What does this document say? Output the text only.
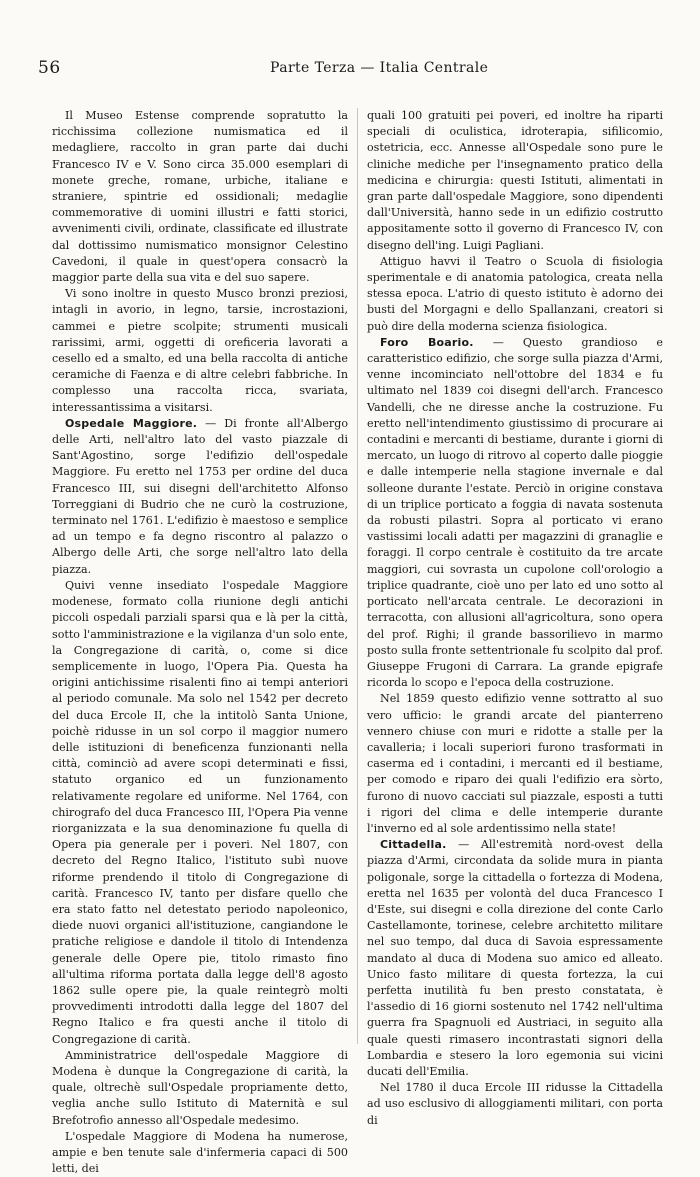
56	Parte Terza — Italia Centrale

Il Museo Estense comprende sopratutto la ricchissima collezione numismatica ed il medagliere, raccolto in gran parte dai duchi Francesco IV e V. Sono circa 35.000 esemplari di monete greche, romane, urbiche, italiane e straniere, spintrie ed ossidionali; medaglie commemorative di uomini illustri e fatti storici, avvenimenti civili, ordinate, classificate ed illustrate dal dottissimo numismatico monsignor Celestino Cavedoni, il quale in quest'opera consacrò la maggior parte della sua vita e del suo sapere.

Vi sono inoltre in questo Musco bronzi preziosi, intagli in avorio, in legno, tarsie, incrostazioni, cammei e pietre scolpite; strumenti musicali rarissimi, armi, oggetti di oreficeria lavorati a cesello ed a smalto, ed una bella raccolta di antiche ceramiche di Faenza e di altre celebri fabbriche. In complesso una raccolta ricca, svariata, interessantissima a visitarsi.

Ospedale Maggiore. — Di fronte all'Albergo delle Arti, nell'altro lato del vasto piazzale di Sant'Agostino, sorge l'edifizio dell'ospedale Maggiore. Fu eretto nel 1753 per ordine del duca Francesco III, sui disegni dell'architetto Alfonso Torreggiani di Budrio che ne curò la costruzione, terminato nel 1761. L'edifizio è maestoso e semplice ad un tempo e fa degno riscontro al palazzo o Albergo delle Arti, che sorge nell'altro lato della piazza.

Quivi venne insediato l'ospedale Maggiore modenese, formato colla riunione degli antichi piccoli ospedali parziali sparsi qua e là per la città, sotto l'amministrazione e la vigilanza d'un solo ente, la Congregazione di carità, o, come si dice semplicemente in luogo, l'Opera Pia. Questa ha origini antichissime risalenti fino ai tempi anteriori al periodo comunale. Ma solo nel 1542 per decreto del duca Ercole II, che la intitolò Santa Unione, poichè ridusse in un sol corpo il maggior numero delle istituzioni di beneficenza funzionanti nella città, cominciò ad avere scopi determinati e fissi, statuto organico ed un funzionamento relativamente regolare ed uniforme. Nel 1764, con chirografo del duca Francesco III, l'Opera Pia venne riorganizzata e la sua denominazione fu quella di Opera pia generale per i poveri. Nel 1807, con decreto del Regno Italico, l'istituto subì nuove riforme prendendo il titolo di Congregazione di carità. Francesco IV, tanto per disfare quello che era stato fatto nel detestato periodo napoleonico, diede nuovi organici all'istituzione, cangiandone le pratiche religiose e dandole il titolo di Intendenza generale delle Opere pie, titolo rimasto fino all'ultima riforma portata dalla legge dell'8 agosto 1862 sulle opere pie, la quale reintegrò molti provvedimenti introdotti dalla legge del 1807 del Regno Italico e fra questi anche il titolo di Congregazione di carità.

Amministratrice dell'ospedale Maggiore di Modena è dunque la Congregazione di carità, la quale, oltrechè sull'Ospedale propriamente detto, veglia anche sullo Istituto di Maternità e sul Brefotrofio annesso all'Ospedale medesimo.

L'ospedale Maggiore di Modena ha numerose, ampie e ben tenute sale d'infermeria capaci di 500 letti, dei

quali 100 gratuiti pei poveri, ed inoltre ha riparti speciali di oculistica, idroterapia, sifilicomio, ostetricia, ecc. Annesse all'Ospedale sono pure le cliniche mediche per l'insegnamento pratico della medicina e chirurgia: questi Istituti, alimentati in gran parte dall'ospedale Maggiore, sono dipendenti dall'Università, hanno sede in un edifizio costrutto appositamente sotto il governo di Francesco IV, con disegno dell'ing. Luigi Pagliani.

Attiguo havvi il Teatro o Scuola di fisiologia sperimentale e di anatomia patologica, creata nella stessa epoca. L'atrio di questo istituto è adorno dei busti del Morgagni e dello Spallanzani, creatori si può dire della moderna scienza fisiologica.

Foro Boario. — Questo grandioso e caratteristico edifizio, che sorge sulla piazza d'Armi, venne incominciato nell'ottobre del 1834 e fu ultimato nel 1839 coi disegni dell'arch. Francesco Vandelli, che ne diresse anche la costruzione. Fu eretto nell'intendimento giustissimo di procurare ai contadini e mercanti di bestiame, durante i giorni di mercato, un luogo di ritrovo al coperto dalle pioggie e dalle intemperie nella stagione invernale e dal solleone durante l'estate. Perciò in origine constava di un triplice porticato a foggia di navata sostenuta da robusti pilastri. Sopra al porticato vi erano vastissimi locali adatti per magazzini di granaglie e foraggi. Il corpo centrale è costituito da tre arcate maggiori, cui sovrasta un cupolone coll'orologio a triplice quadrante, cioè uno per lato ed uno sotto al porticato nell'arcata centrale. Le decorazioni in terracotta, con allusioni all'agricoltura, sono opera del prof. Righi; il grande bassorilievo in marmo posto sulla fronte settentrionale fu scolpito dal prof. Giuseppe Frugoni di Carrara. La grande epigrafe ricorda lo scopo e l'epoca della costruzione.

Nel 1859 questo edifizio venne sottratto al suo vero ufficio: le grandi arcate del pianterreno vennero chiuse con muri e ridotte a stalle per la cavalleria; i locali superiori furono trasformati in caserma ed i contadini, i mercanti ed il bestiame, per comodo e riparo dei quali l'edifizio era sòrto, furono di nuovo cacciati sul piazzale, esposti a tutti i rigori del clima e delle intemperie durante l'inverno ed al sole ardentissimo nella state!

Cittadella. — All'estremità nord-ovest della piazza d'Armi, circondata da solide mura in pianta poligonale, sorge la cittadella o fortezza di Modena, eretta nel 1635 per volontà del duca Francesco I d'Este, sui disegni e colla direzione del conte Carlo Castellamonte, torinese, celebre architetto militare nel suo tempo, dal duca di Savoia espressamente mandato al duca di Modena suo amico ed alleato. Unico fasto militare di questa fortezza, la cui perfetta inutilità fu ben presto constatata, è l'assedio di 16 giorni sostenuto nel 1742 nell'ultima guerra fra Spagnuoli ed Austriaci, in seguito alla quale questi rimasero incontrastati signori della Lombardia e stesero la loro egemonia sui vicini ducati dell'Emilia.

Nel 1780 il duca Ercole III ridusse la Cittadella ad uso esclusivo di alloggiamenti militari, con porta di
